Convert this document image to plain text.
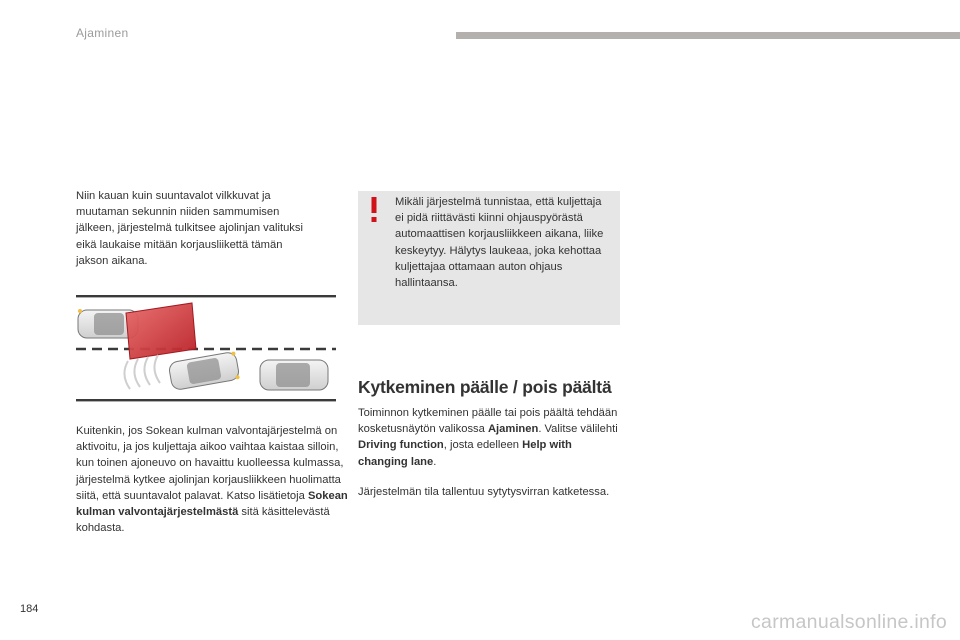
Ajaminen

Niin kauan kuin suuntavalot vilkkuvat ja muutaman sekunnin niiden sammumisen jälkeen, järjestelmä tulkitsee ajolinjan valituksi eikä laukaise mitään korjausliikettä tämän jakson aikana.

Kuitenkin, jos Sokean kulman valvontajärjestelmä on aktivoitu, ja jos kuljettaja aikoo vaihtaa kaistaa silloin, kun toinen ajoneuvo on havaittu kuolleessa kulmassa, järjestelmä kytkee ajolinjan korjausliikkeen huolimatta siitä, että suuntavalot palavat. Katso lisätietoja Sokean kulman valvontajärjestelmästä sitä käsittelevästä kohdasta.

Mikäli järjestelmä tunnistaa, että kuljettaja ei pidä riittävästi kiinni ohjauspyörästä automaattisen korjausliikkeen aikana, liike keskeytyy. Hälytys laukeaa, joka kehottaa kuljettajaa ottamaan auton ohjaus hallintaansa.
Kytkeminen päälle / pois päältä

Toiminnon kytkeminen päälle tai pois päältä tehdään kosketusnäytön valikossa Ajaminen. Valitse välilehti Driving function, josta edelleen Help with changing lane.

Järjestelmän tila tallentuu sytytysvirran katketessa.

184
carmanualsonline.info
